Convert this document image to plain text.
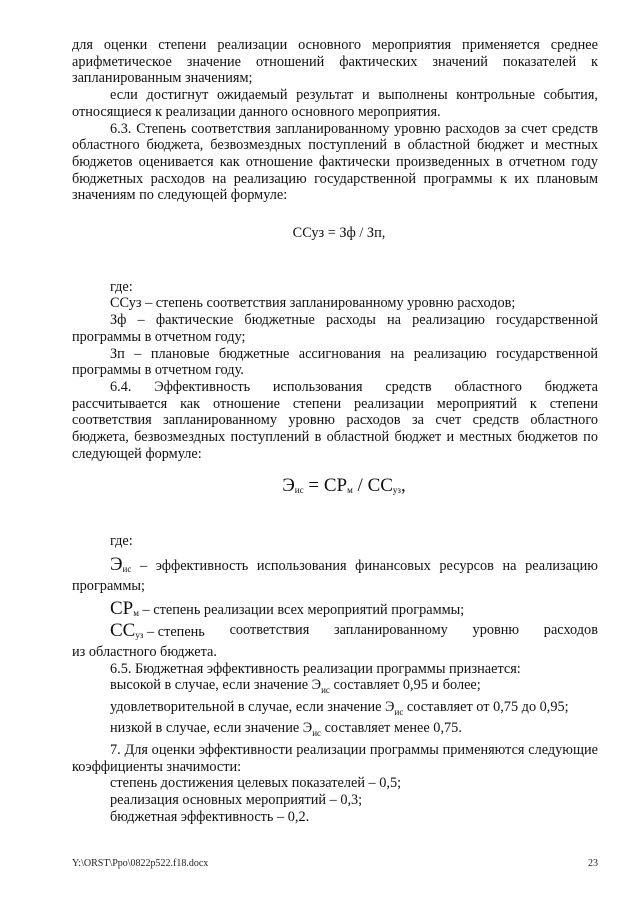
для оценки степени реализации основного мероприятия применяется среднее арифметическое значение отношений фактических значений показателей к запланированным значениям;

если достигнут ожидаемый результат и выполнены контрольные события, относящиеся к реализации данного основного мероприятия.

6.3. Степень соответствия запланированному уровню расходов за счет средств областного бюджета, безвозмездных поступлений в областной бюджет и местных бюджетов оценивается как отношение фактически произведенных в отчетном году бюджетных расходов на реализацию государственной программы к их плановым значениям по следующей формуле:

ССуз = Зф / Зп,

где:

ССуз – степень соответствия запланированному уровню расходов;

Зф – фактические бюджетные расходы на реализацию государственной программы в отчетном году;

Зп – плановые бюджетные ассигнования на реализацию государственной программы в отчетном году.

6.4. Эффективность использования средств областного бюджета рассчитывается как отношение степени реализации мероприятий к степени соответствия запланированному уровню расходов за счет средств областного бюджета, безвозмездных поступлений в областной бюджет и местных бюджетов по следующей формуле:

$Э_{ис} = СР_м / СС_{уз}$,

где:

$Э_{ис}$ – эффективность использования финансовых ресурсов на реализацию программы;

$СР_м$ – степень реализации всех мероприятий программы;

$СС_{уз}$ – степень соответствия запланированному уровню расходов

из областного бюджета.

6.5. Бюджетная эффективность реализации программы признается:

высокой в случае, если значение $Э_{ис}$ составляет 0,95 и более;

удовлетворительной в случае, если значение $Э_{ис}$ составляет от 0,75 до 0,95;

низкой в случае, если значение $Э_{ис}$ составляет менее 0,75.

7. Для оценки эффективности реализации программы применяются следующие коэффициенты значимости:

степень достижения целевых показателей – 0,5;

реализация основных мероприятий – 0,3;

бюджетная эффективность – 0,2.

Y:\ORST\Ppo\0822p522.f18.docx	23
